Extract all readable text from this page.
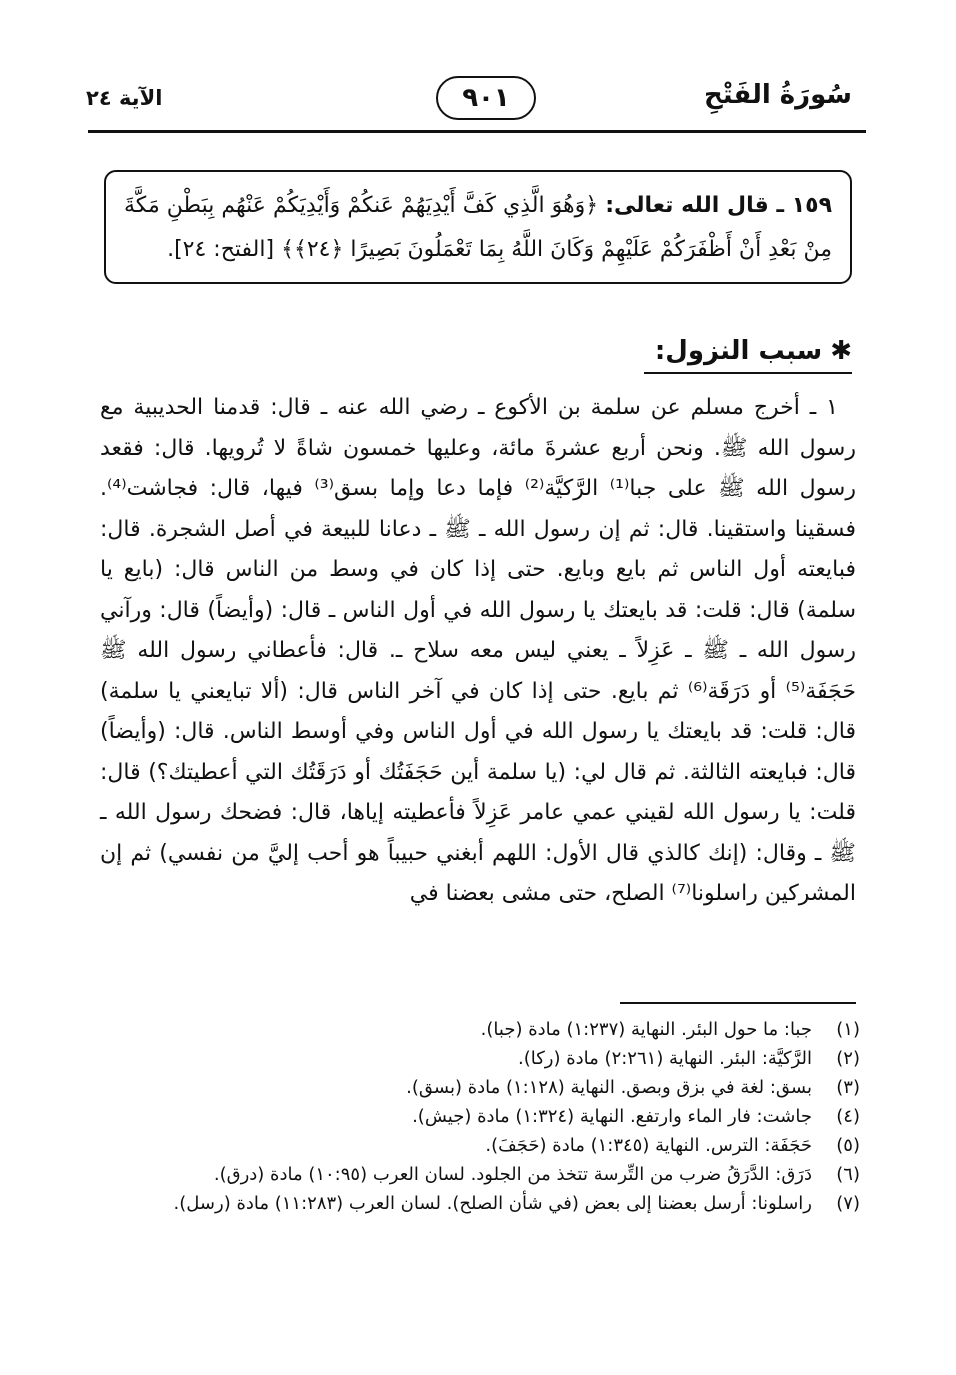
سُورَةُ الفَتْحِ
٩٠١
الآية ٢٤
١٥٩ ـ قال الله تعالى: ﴿وَهُوَ الَّذِي كَفَّ أَيْدِيَهُمْ عَنكُمْ وَأَيْدِيَكُمْ عَنْهُم بِبَطْنِ مَكَّةَ مِنْ بَعْدِ أَنْ أَظْفَرَكُمْ عَلَيْهِمْ وَكَانَ اللَّهُ بِمَا تَعْمَلُونَ بَصِيرًا ﴿٢٤﴾﴾ [الفتح: ٢٤].
✱سبب النزول:

١ ـ أخرج مسلم عن سلمة بن الأكوع ـ رضي الله عنه ـ قال: قدمنا الحديبية مع رسول الله ﷺ. ونحن أربع عشرةَ مائة، وعليها خمسون شاةً لا تُرويها. قال: فقعد رسول الله ﷺ على جبا⁽¹⁾ الرَّكيَّة⁽²⁾ فإما دعا وإما بسق⁽³⁾ فيها، قال: فجاشت⁽⁴⁾. فسقينا واستقينا. قال: ثم إن رسول الله ـ ﷺ ـ دعانا للبيعة في أصل الشجرة. قال: فبايعته أول الناس ثم بايع وبايع. حتى إذا كان في وسط من الناس قال: (بايع يا سلمة) قال: قلت: قد بايعتك يا رسول الله في أول الناس ـ قال: (وأيضاً) قال: ورآني رسول الله ـ ﷺ ـ عَزِلاً ـ يعني ليس معه سلاح ـ. قال: فأعطاني رسول الله ﷺ حَجَفَة⁽⁵⁾ أو دَرَقَة⁽⁶⁾ ثم بايع. حتى إذا كان في آخر الناس قال: (ألا تبايعني يا سلمة) قال: قلت: قد بايعتك يا رسول الله في أول الناس وفي أوسط الناس. قال: (وأيضاً) قال: فبايعته الثالثة. ثم قال لي: (يا سلمة أين حَجَفَتُك أو دَرَقَتُك التي أعطيتك؟) قال: قلت: يا رسول الله لقيني عمي عامر عَزِلاً فأعطيته إياها، قال: فضحك رسول الله ـ ﷺ ـ وقال: (إنك كالذي قال الأول: اللهم أبغني حبيباً هو أحب إليَّ من نفسي) ثم إن المشركين راسلونا⁽⁷⁾ الصلح، حتى مشى بعضنا في

(١)
جبا: ما حول البئر. النهاية (١:٢٣٧) مادة (جبا).
(٢)
الرَّكيَّة: البئر. النهاية (٢:٢٦١) مادة (ركا).
(٣)
بسق: لغة في بزق وبصق. النهاية (١:١٢٨) مادة (بسق).
(٤)
جاشت: فار الماء وارتفع. النهاية (١:٣٢٤) مادة (جيش).
(٥)
حَجَفَة: الترس. النهاية (١:٣٤٥) مادة (حَجَفَ).
(٦)
دَرَق: الدَّرَقُ ضرب من التِّرسة تتخذ من الجلود. لسان العرب (١٠:٩٥) مادة (درق).
(٧)
راسلونا: أرسل بعضنا إلى بعض (في شأن الصلح). لسان العرب (١١:٢٨٣) مادة (رسل).
